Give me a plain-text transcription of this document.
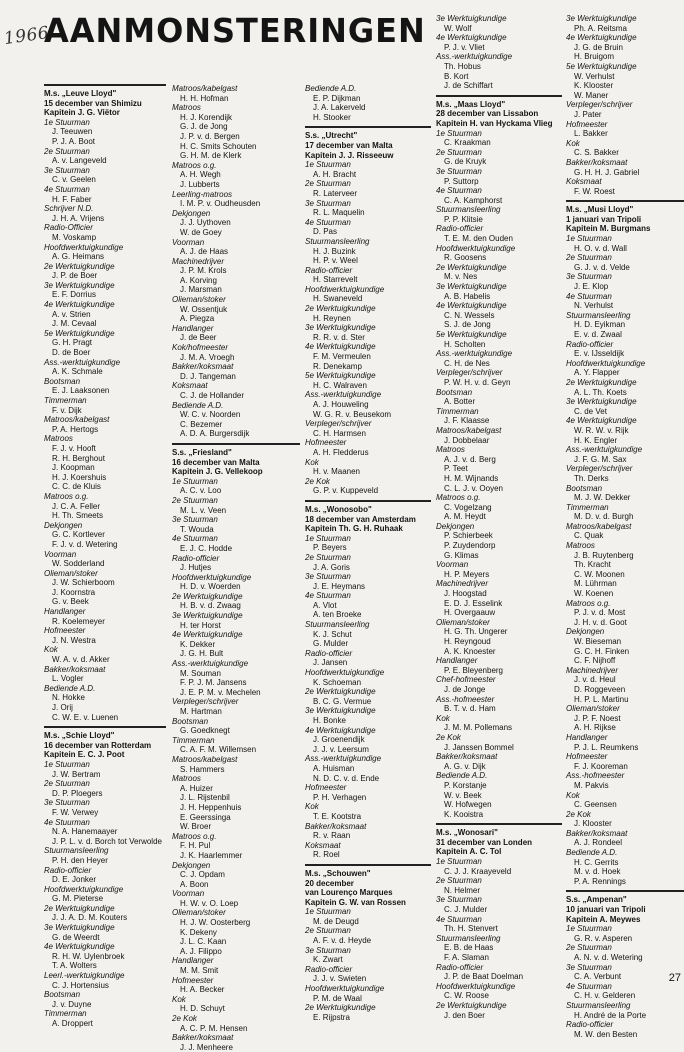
1966
AANMONSTERINGEN
M.s. „Leuve Lloyd"
15 december van Shimizu
Kapitein J. G. Viëtor
1e Stuurman
J. Teeuwen
P. J. A. Boot
2e Stuurman
A. v. Langeveld
3e Stuurman
C. v. Geelen
4e Stuurman
H. F. Faber
Schrijver N.D.
J. H. A. Vrijens
Radio-Officier
M. Voskamp
Hoofdwerktuigkundige
A. G. Heimans
2e Werktuigkundige
J. P. de Boer
3e Werktuigkundige
E. F. Dorrius
4e Werktuigkundige
A. v. Strien
J. M. Cevaal
5e Werktuigkundige
G. H. Pragt
D. de Boer
Ass.-werktuigkundige
A. K. Schmale
Bootsman
E. J. Laaksonen
Timmerman
F. v. Dijk
Matroos/kabelgast
P. A. Hertogs
Matroos
F. J. v. Hooft
R. H. Berghout
J. Koopman
H. J. Koershuis
C. C. de Kluis
Matroos o.g.
J. C. A. Feller
H. Th. Smeets
Dekjongen
G. C. Kortlever
F. J. v. d. Wetering
Voorman
W. Sodderland
Olieman/stoker
J. W. Schierboom
J. Koornstra
G. v. Beek
Handlanger
R. Koelemeyer
Hofmeester
J. N. Westra
Kok
W. A. v. d. Akker
Bakker/koksmaat
L. Vogler
Bediende A.D.
N. Hokke
J. Orij
C. W. E. v. Luenen
M.s. „Schie Lloyd"
16 december van Rotterdam
Kapitein E. C. J. Poot
1e Stuurman
J. W. Bertram
2e Stuurman
D. P. Ploegers
3e Stuurman
F. W. Verwey
4e Stuurman
N. A. Hanemaayer
J. P. L. v. d. Borch tot Verwolde
Stuurmansleerling
P. H. den Heyer
Radio-officier
D. E. Jonker
Hoofdwerktuigkundige
G. M. Pieterse
2e Werktuigkundige
J. J. A. D. M. Kouters
3e Werktuigkundige
G. de Weerdt
4e Werktuigkundige
R. H. W. Uylenbroek
T. A. Wolters
Leerl.-werktuigkundige
C. J. Hortensius
Bootsman
J. v. Duyne
Timmerman
A. Droppert
Matroos/kabelgast
H. H. Hofman
Matroos
H. J. Korendijk
G. J. de Jong
J. P. v. d. Bergen
H. C. Smits Schouten
G. H. M. de Klerk
Matroos o.g.
A. H. Wegh
J. Lubberts
Leerling-matroos
I. M. P. v. Oudheusden
Dekjongen
J. J. Uythoven
W. de Goey
Voorman
A. J. de Haas
Machinedrijver
J. P. M. Krols
A. Korving
J. Marsman
Olieman/stoker
W. Ossentjuk
A. Piegza
Handlanger
J. de Beer
Kok/hofmeester
J. M. A. Vroegh
Bakker/koksmaat
D. J. Tangeman
Koksmaat
C. J. de Hollander
Bediende A.D.
W. C. v. Noorden
C. Bezemer
A. D. A. Burgersdijk
S.s. „Friesland"
16 december van Malta
Kapitein J. G. Vellekoop
1e Stuurman
A. C. v. Loo
2e Stuurman
M. L. v. Veen
3e Stuurman
T. Wouda
4e Stuurman
E. J. C. Hodde
Radio-officier
J. Hutjes
Hoofdwerktuigkundige
H. D. v. Woerden
2e Werktuigkundige
H. B. v. d. Zwaag
3e Werktuigkundige
H. ter Horst
4e Werktuigkundige
K. Dekker
J. G. H. Bult
Ass.-werktuigkundige
M. Souman
F. P. J. M. Jansens
J. E. P. M. v. Mechelen
Verpleger/schrijver
M. Hartman
Bootsman
G. Goedknegt
Timmerman
C. A. F. M. Willemsen
Matroos/kabelgast
S. Hammers
Matroos
A. Huizer
J. L. Rijstenbil
J. H. Heppenhuis
E. Geerssinga
W. Broer
Matroos o.g.
F. H. Pul
J. K. Haarlemmer
Dekjongen
C. J. Opdam
A. Boon
Voorman
H. W. v. O. Loep
Olieman/stoker
H. J. W. Oosterberg
K. Dekeny
J. L. C. Kaan
A. J. Filippo
Handlanger
M. M. Smit
Hofmeester
H. A. Becker
Kok
H. D. Schuyt
2e Kok
A. C. P. M. Hensen
Bakker/koksmaat
J. J. Menheere
Bediende A.D.
E. P. Dijkman
J. A. Lakerveld
H. Stooker
S.s. „Utrecht"
17 december van Malta
Kapitein J. J. Risseeuw
1e Stuurman
A. H. Bracht
2e Stuurman
R. Laterveer
3e Stuurman
R. L. Maquelin
4e Stuurman
D. Pas
Stuurmansleerling
H. J. Buzink
H. P. v. Weel
Radio-officier
H. Starrevelt
Hoofdwerktuigkundige
H. Swaneveld
2e Werktuigkundige
H. Reynen
3e Werktuigkundige
R. R. v. d. Ster
4e Werktuigkundige
F. M. Vermeulen
R. Denekamp
5e Werktuigkundige
H. C. Walraven
Ass.-werktuigkundige
A. J. Houweling
W. G. R. v. Beusekom
Verpleger/schrijver
C. H. Harmsen
Hofmeester
A. H. Fledderus
Kok
H. v. Maanen
2e Kok
G. P. v. Kuppeveld
M.s. „Wonosobo"
18 december van Amsterdam
Kapitein Th. G. H. Ruhaak
1e Stuurman
P. Beyers
2e Stuurman
J. A. Goris
3e Stuurman
J. E. Heymans
4e Stuurman
A. Vlot
A. ten Broeke
Stuurmansleerling
K. J. Schut
G. Mulder
Radio-officier
J. Jansen
Hoofdwerktuigkundige
K. Schoeman
2e Werktuigkundige
B. C. G. Vermue
3e Werktuigkundige
H. Bonke
4e Werktuigkundige
J. Groenendijk
J. J. v. Leersum
Ass.-werktuigkundige
A. Huisman
N. D. C. v. d. Ende
Hofmeester
P. H. Verhagen
Kok
T. E. Kootstra
Bakker/koksmaat
R. v. Raan
Koksmaat
R. Roel
M.s. „Schouwen"
20 december
van Lourenço Marques
Kapitein G. W. van Rossen
1e Stuurman
M. de Deugd
2e Stuurman
A. F. v. d. Heyde
3e Stuurman
K. Zwart
Radio-officier
J. J. v. Swieten
Hoofdwerktuigkundige
P. M. de Waal
2e Werktuigkundige
E. Rijpstra
3e Werktuigkundige
W. Wolf
4e Werktuigkundige
P. J. v. Vliet
Ass.-werktuigkundige
Th. Hobus
B. Kort
J. de Schiffart
M.s. „Maas Lloyd"
28 december van Lissabon
Kapitein H. van Hyckama Vlieg
1e Stuurman
C. Kraakman
2e Stuurman
G. de Kruyk
3e Stuurman
P. Suttorp
4e Stuurman
C. A. Kamphorst
Stuurmansleerling
P. P. Klitsie
Radio-officier
T. E. M. den Ouden
Hoofdwerktuigkundige
R. Goosens
2e Werktuigkundige
M. v. Nes
3e Werktuigkundige
A. B. Habelis
4e Werktuigkundige
C. N. Wessels
S. J. de Jong
5e Werktuigkundige
H. Scholten
Ass.-werktuigkundige
C. H. de Nes
Verpleger/schrijver
P. W. H. v. d. Geyn
Bootsman
A. Botter
Timmerman
J. F. Klaasse
Matroos/kabelgast
J. Dobbelaar
Matroos
A. J. v. d. Berg
P. Teet
H. M. Wijnands
C. L. J. v. Ooyen
Matroos o.g.
C. Vogelzang
A. M. Heydt
Dekjongen
P. Schierbeek
P. Zuydendorp
G. Klimas
Voorman
H. P. Meyers
Machinedrijver
J. Hoogstad
E. D. J. Esselink
H. Overgaauw
Olieman/stoker
H. G. Th. Ungerer
H. Reyngoud
A. K. Knoester
Handlanger
P. E. Bleyenberg
Chef-hofmeester
J. de Jonge
Ass.-hofmeester
B. T. v. d. Ham
Kok
J. M. M. Pollemans
2e Kok
J. Janssen Bommel
Bakker/koksmaat
A. G. v. Dijk
Bediende A.D.
P. Korstanje
W. v. Beek
W. Hofwegen
K. Kooistra
M.s. „Wonosari"
31 december van Londen
Kapitein A. C. Tol
1e Stuurman
C. J. J. Kraayeveld
2e Stuurman
N. Helmer
3e Stuurman
C. J. Mulder
4e Stuurman
Th. H. Stenvert
Stuurmansleerling
E. B. de Haas
F. A. Slaman
Radio-officier
J. P. de Baat Doelman
Hoofdwerktuigkundige
C. W. Roose
2e Werktuigkundige
J. den Boer
3e Werktuigkundige
Ph. A. Reitsma
4e Werktuigkundige
J. G. de Bruin
H. Bruigom
5e Werktuigkundige
W. Verhulst
K. Klooster
W. Maner
Verpleger/schrijver
J. Pater
Hofmeester
L. Bakker
Kok
C. S. Bakker
Bakker/koksmaat
G. H. H. J. Gabriel
Koksmaat
F. W. Roest
M.s. „Musi Lloyd"
1 januari van Tripoli
Kapitein M. Burgmans
1e Stuurman
H. O. v. d. Wall
2e Stuurman
G. J. v. d. Velde
3e Stuurman
J. E. Klop
4e Stuurman
N. Verhulst
Stuurmansleerling
H. D. Eyikman
E. v. d. Zwaal
Radio-officier
E. v. IJsseldijk
Hoofdwerktuigkundige
A. Y. Flapper
2e Werktuigkundige
A. L. Th. Koets
3e Werktuigkundige
C. de Vet
4e Werktuigkundige
W. R. W. v. Rijk
H. K. Engler
Ass.-werktuigkundige
J. F. G. M. Sax
Verpleger/schrijver
Th. Derks
Bootsman
M. J. W. Dekker
Timmerman
M. D. v. d. Burgh
Matroos/kabelgast
C. Quak
Matroos
J. B. Ruytenberg
Th. Kracht
C. W. Moonen
M. Lührman
W. Koenen
Matroos o.g.
P. J. v. d. Most
J. H. v. d. Goot
Dekjongen
W. Bieseman
G. C. H. Finken
C. F. Nijhoff
Machinedrijver
J. v. d. Heul
D. Roggeveen
H. P. L. Martinu
Olieman/stoker
J. P. F. Noest
A. H. Rijkse
Handlanger
P. J. L. Reumkens
Hofmeester
F. J. Kooreman
Ass.-hofmeester
M. Pakvis
Kok
C. Geensen
2e Kok
J. Klooster
Bakker/koksmaat
A. J. Rondeel
Bediende A.D.
H. C. Gerrits
M. v. d. Hoek
P. A. Rennings
S.s. „Ampenan"
10 januari van Tripoli
Kapitein A. Meywes
1e Stuurman
G. R. v. Asperen
2e Stuurman
A. N. v. d. Wetering
3e Stuurman
C. A. Verbunt
4e Stuurman
C. H. v. Gelderen
Stuurmansleerling
H. André de la Porte
Radio-officier
M. W. den Besten
27
